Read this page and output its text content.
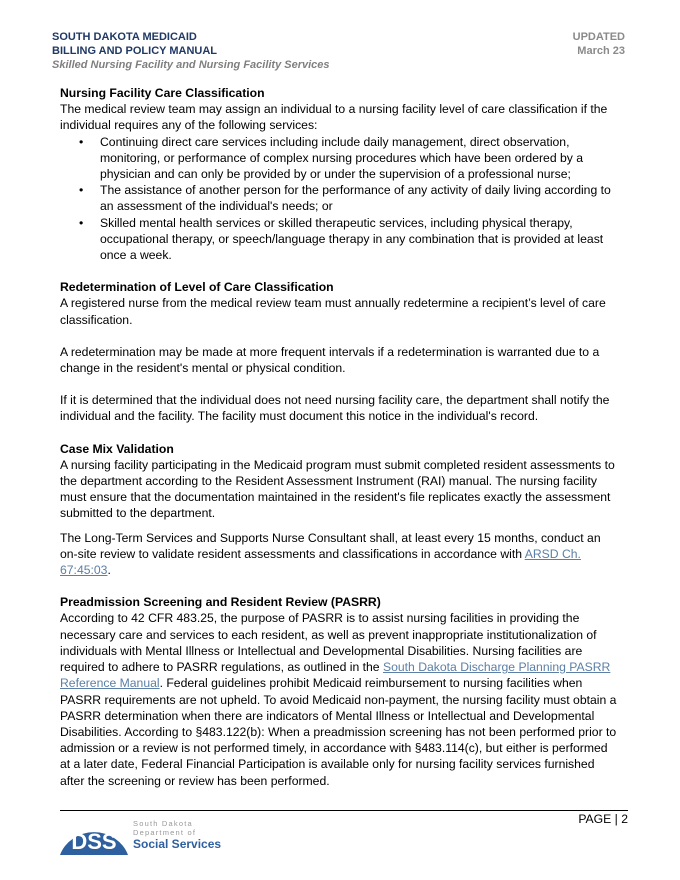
SOUTH DAKOTA MEDICAID
BILLING AND POLICY MANUAL
Skilled Nursing Facility and Nursing Facility Services
UPDATED
March 23
Nursing Facility Care Classification

The medical review team may assign an individual to a nursing facility level of care classification if the individual requires any of the following services:

• Continuing direct care services including include daily management, direct observation, monitoring, or performance of complex nursing procedures which have been ordered by a physician and can only be provided by or under the supervision of a professional nurse;
• The assistance of another person for the performance of any activity of daily living according to an assessment of the individual's needs; or
• Skilled mental health services or skilled therapeutic services, including physical therapy, occupational therapy, or speech/language therapy in any combination that is provided at least once a week.
Redetermination of Level of Care Classification

A registered nurse from the medical review team must annually redetermine a recipient’s level of care classification.

A redetermination may be made at more frequent intervals if a redetermination is warranted due to a change in the resident's mental or physical condition.

If it is determined that the individual does not need nursing facility care, the department shall notify the individual and the facility. The facility must document this notice in the individual's record.

Case Mix Validation

A nursing facility participating in the Medicaid program must submit completed resident assessments to the department according to the Resident Assessment Instrument (RAI) manual. The nursing facility must ensure that the documentation maintained in the resident's file replicates exactly the assessment submitted to the department.

The Long-Term Services and Supports Nurse Consultant shall, at least every 15 months, conduct an on-site review to validate resident assessments and classifications in accordance with ARSD Ch. 67:45:03.

Preadmission Screening and Resident Review (PASRR)

According to 42 CFR 483.25, the purpose of PASRR is to assist nursing facilities in providing the necessary care and services to each resident, as well as prevent inappropriate institutionalization of individuals with Mental Illness or Intellectual and Developmental Disabilities. Nursing facilities are required to adhere to PASRR regulations, as outlined in the South Dakota Discharge Planning PASRR Reference Manual. Federal guidelines prohibit Medicaid reimbursement to nursing facilities when PASRR requirements are not upheld. To avoid Medicaid non-payment, the nursing facility must obtain a PASRR determination when there are indicators of Mental Illness or Intellectual and Developmental Disabilities. According to §483.122(b): When a preadmission screening has not been performed prior to admission or a review is not performed timely, in accordance with §483.114(c), but either is performed at a later date, Federal Financial Participation is available only for nursing facility services furnished after the screening or review has been performed.

PAGE | 2
DSS
South Dakota
Department of
Social Services
